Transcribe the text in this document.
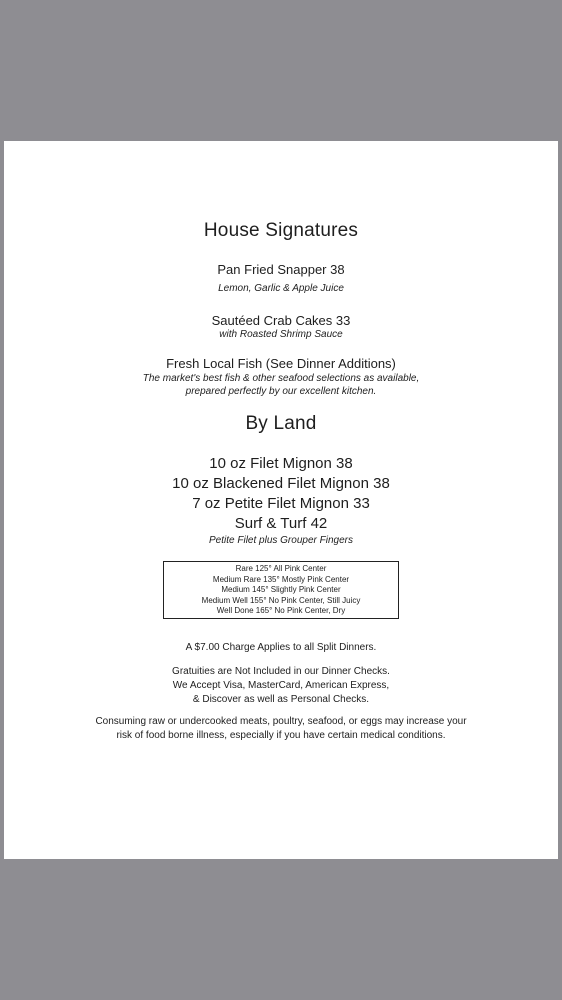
House Signatures
Pan Fried Snapper 38
Lemon, Garlic & Apple Juice
Sautéed Crab Cakes 33
with Roasted Shrimp Sauce
Fresh Local Fish (See Dinner Additions)
The market's best fish & other seafood selections as available,
prepared perfectly by our excellent kitchen.
By Land
10 oz Filet Mignon 38
10 oz Blackened Filet Mignon 38
7 oz Petite Filet Mignon 33
Surf & Turf 42
Petite Filet plus Grouper Fingers
Rare 125° All Pink Center
Medium Rare 135° Mostly Pink Center
Medium 145° Slightly Pink Center
Medium Well 155° No Pink Center, Still Juicy
Well Done 165° No Pink Center, Dry
A $7.00 Charge Applies to all Split Dinners.
Gratuities are Not Included in our Dinner Checks.
We Accept Visa, MasterCard, American Express,
& Discover as well as Personal Checks.
Consuming raw or undercooked meats, poultry, seafood, or eggs may increase your
risk of food borne illness, especially if you have certain medical conditions.
